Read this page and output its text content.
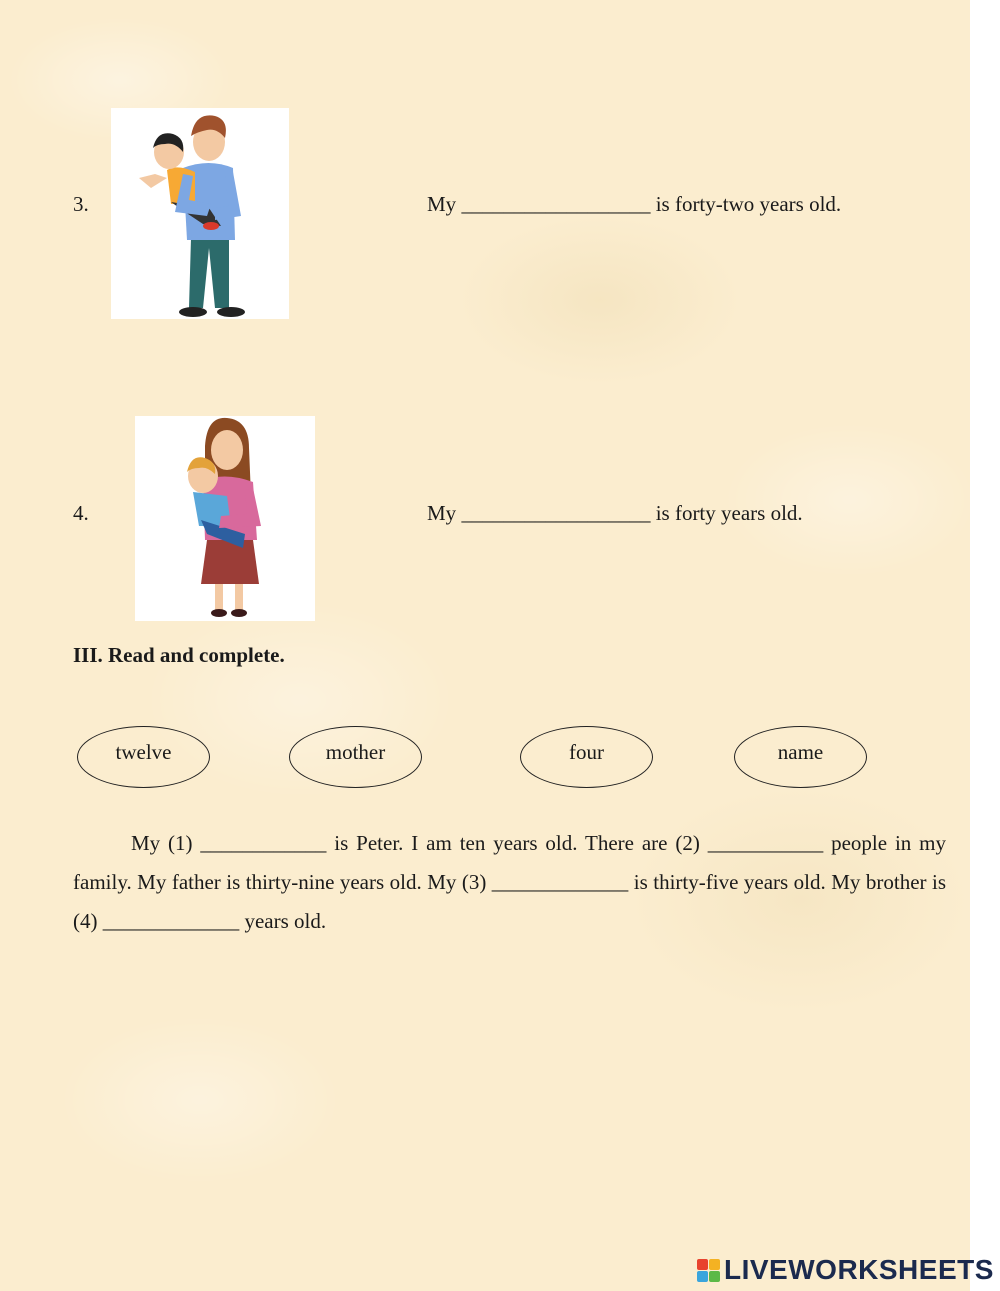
3.	My __________________ is forty-two years old.
4.	My __________________ is forty years old.
III. Read and complete.
twelve	mother	four	name
My (1) ____________ is Peter. I am ten years old. There are (2) ___________ people in my family. My father is thirty-nine years old. My (3) _____________ is thirty-five years old. My brother is (4) _____________ years old.
LIVEWORKSHEETS
